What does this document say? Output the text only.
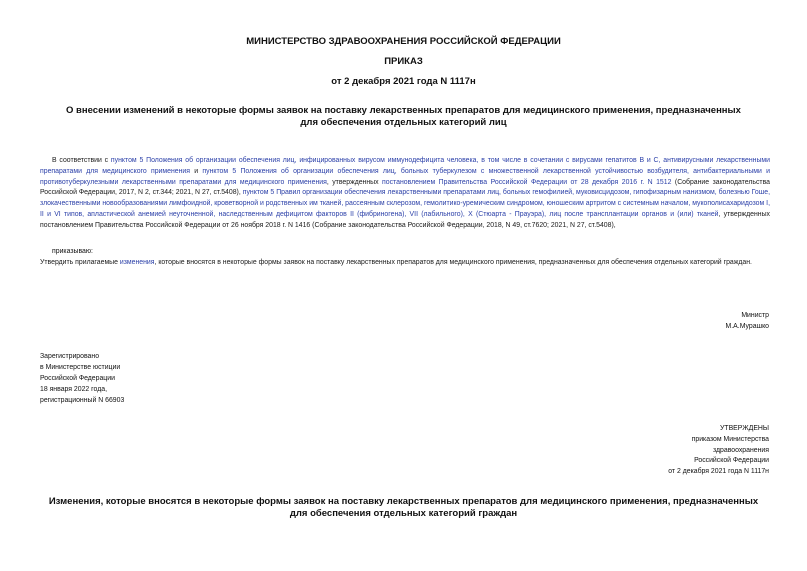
МИНИСТЕРСТВО ЗДРАВООХРАНЕНИЯ РОССИЙСКОЙ ФЕДЕРАЦИИ
ПРИКАЗ
от 2 декабря 2021 года N 1117н
О внесении изменений в некоторые формы заявок на поставку лекарственных препаратов для медицинского применения, предназначенных для обеспечения отдельных категорий лиц
В соответствии с пунктом 5 Положения об организации обеспечения лиц, инфицированных вирусом иммунодефицита человека, в том числе в сочетании с вирусами гепатитов B и C, антивирусными лекарственными препаратами для медицинского применения и пунктом 5 Положения об организации обеспечения лиц, больных туберкулезом с множественной лекарственной устойчивостью возбудителя, антибактериальными и противотуберкулезными лекарственными препаратами для медицинского применения, утвержденных постановлением Правительства Российской Федерации от 28 декабря 2016 г. N 1512 (Собрание законодательства Российской Федерации, 2017, N 2, ст.344; 2021, N 27, ст.5408), пунктом 5 Правил организации обеспечения лекарственными препаратами лиц, больных гемофилией, муковисцидозом, гипофизарным нанизмом, болезнью Гоше, злокачественными новообразованиями лимфоидной, кроветворной и родственных им тканей, рассеянным склерозом, гемолитико-уремическим синдромом, юношеским артритом с системным началом, мукополисахаридозом I, II и VI типов, апластической анемией неуточненной, наследственным дефицитом факторов II (фибриногена), VII (лабильного), X (Стюарта - Прауэра), лиц после трансплантации органов и (или) тканей, утвержденных постановлением Правительства Российской Федерации от 26 ноября 2018 г. N 1416 (Собрание законодательства Российской Федерации, 2018, N 49, ст.7620; 2021, N 27, ст.5408),
приказываю:
Утвердить прилагаемые изменения, которые вносятся в некоторые формы заявок на поставку лекарственных препаратов для медицинского применения, предназначенных для обеспечения отдельных категорий граждан.
Министр
М.А.Мурашко
Зарегистрировано
в Министерстве юстиции
Российской Федерации
18 января 2022 года,
регистрационный N 66903
УТВЕРЖДЕНЫ
приказом Министерства
здравоохранения
Российской Федерации
от 2 декабря 2021 года N 1117н
Изменения, которые вносятся в некоторые формы заявок на поставку лекарственных препаратов для медицинского применения, предназначенных для обеспечения отдельных категорий граждан
